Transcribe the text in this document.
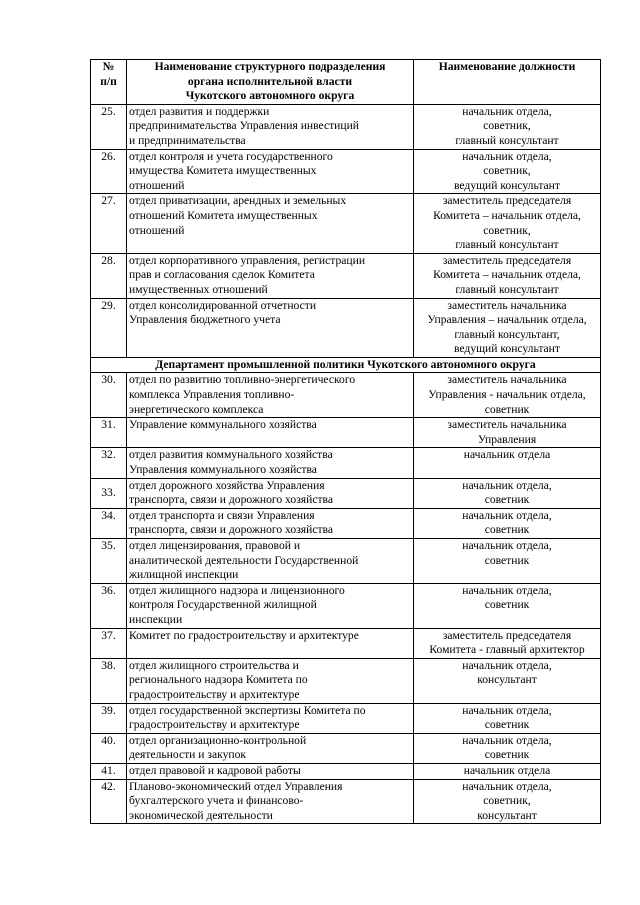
№
п/п	Наименование структурного подразделения
органа исполнительной власти
Чукотского автономного округа	Наименование должности

25.	отдел развития и поддержки
предпринимательства Управления инвестиций
и предпринимательства	начальник отдела,
советник,
главный консультант

26.	отдел контроля и учета государственного
имущества Комитета имущественных
отношений	начальник отдела,
советник,
ведущий консультант

27.	отдел приватизации, арендных и земельных
отношений Комитета имущественных
отношений	заместитель председателя
Комитета – начальник отдела,
советник,
главный консультант

28.	отдел корпоративного управления, регистрации
прав и согласования сделок Комитета
имущественных отношений	заместитель председателя
Комитета – начальник отдела,
главный консультант

29.	отдел консолидированной отчетности
Управления бюджетного учета	заместитель начальника
Управления – начальник отдела,
главный консультант,
ведущий консультант

Департамент промышленной политики Чукотского автономного округа		
30.	отдел по развитию топливно-энергетического
комплекса Управления топливно-
энергетического комплекса	заместитель начальника
Управления - начальник отдела,
советник

31.	Управление коммунального хозяйства	заместитель начальника
Управления

32.	отдел развития коммунального хозяйства
Управления коммунального хозяйства	начальник отдела

33.	отдел дорожного хозяйства Управления
транспорта, связи и дорожного хозяйства	начальник отдела,
советник

34.	отдел транспорта и связи Управления
транспорта, связи и дорожного хозяйства	начальник отдела,
советник

35.	отдел лицензирования, правовой и
аналитической деятельности Государственной
жилищной инспекции	начальник отдела,
советник

36.	отдел жилищного надзора и лицензионного
контроля Государственной жилищной
инспекции	начальник отдела,
советник

37.	Комитет по градостроительству и архитектуре	заместитель председателя
Комитета - главный архитектор

38.	отдел жилищного строительства и
регионального надзора Комитета по
градостроительству и архитектуре	начальник отдела,
консультант

39.	отдел государственной экспертизы Комитета по
градостроительству и архитектуре	начальник отдела,
советник

40.	отдел организационно-контрольной
деятельности и закупок	начальник отдела,
советник

41.	отдел правовой и кадровой работы	начальник отдела

42.	Планово-экономический отдел Управления
бухгалтерского учета и финансово-
экономической деятельности	начальник отдела,
советник,
консультант
